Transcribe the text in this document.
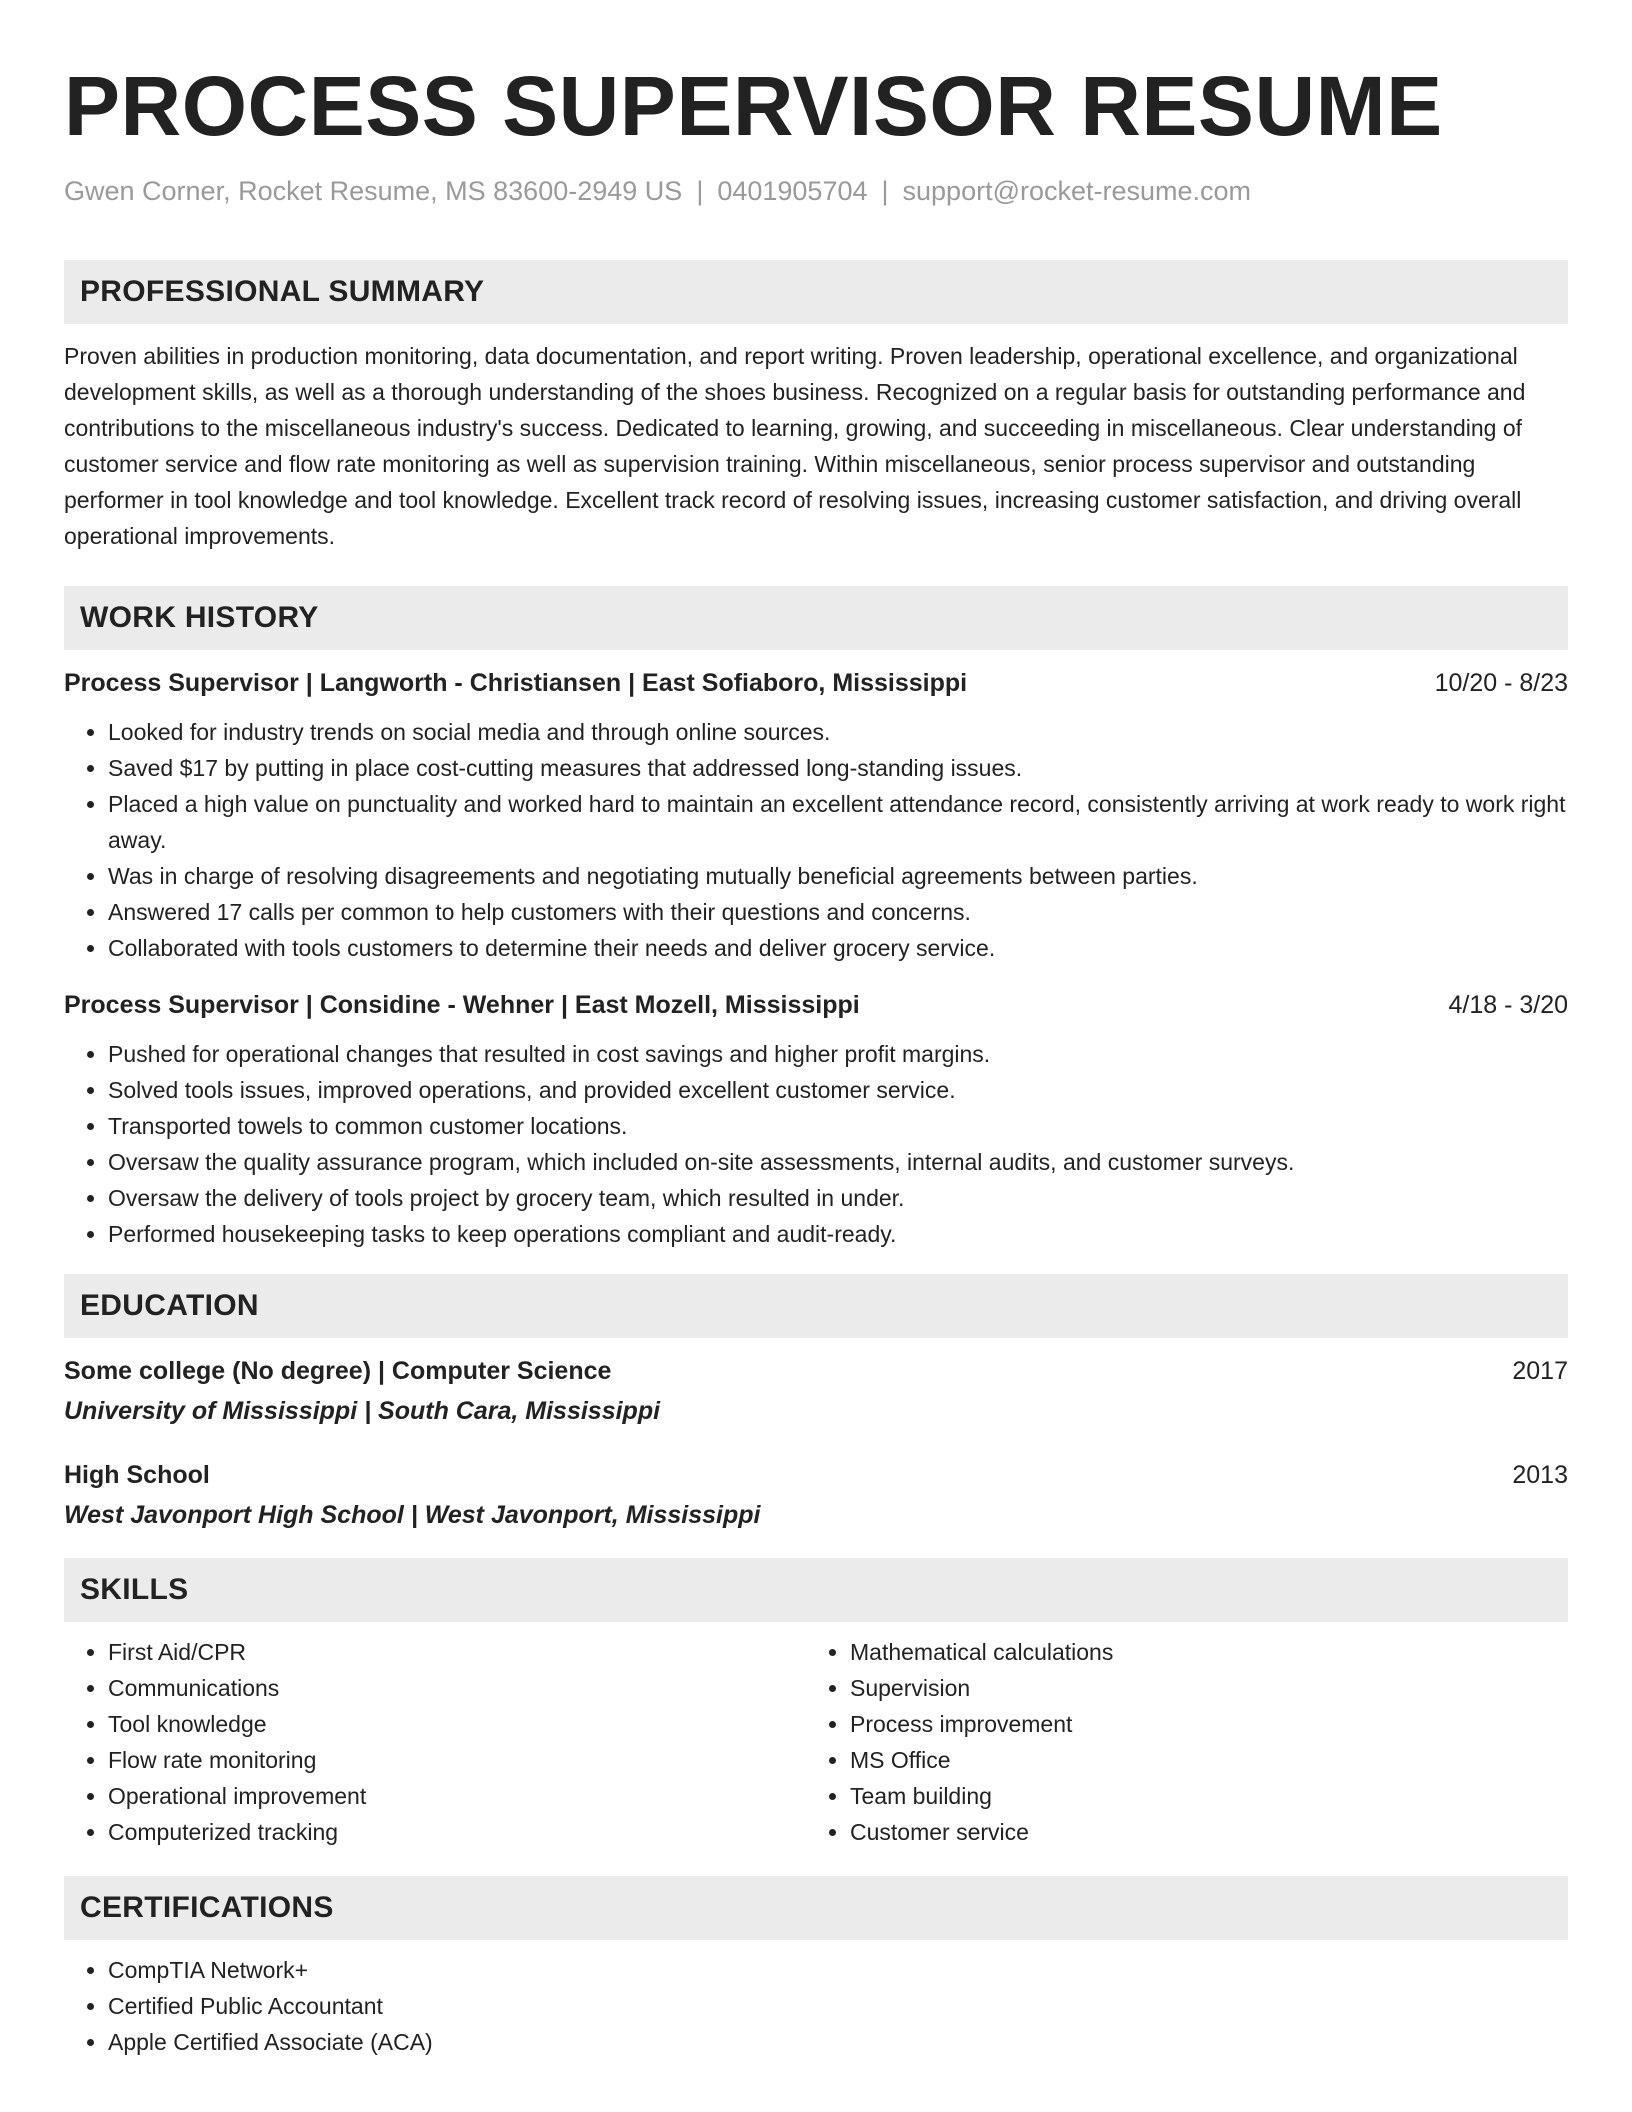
PROCESS SUPERVISOR RESUME
Gwen Corner, Rocket Resume, MS 83600-2949 US | 0401905704 | support@rocket-resume.com
PROFESSIONAL SUMMARY
Proven abilities in production monitoring, data documentation, and report writing. Proven leadership, operational excellence, and organizational development skills, as well as a thorough understanding of the shoes business. Recognized on a regular basis for outstanding performance and contributions to the miscellaneous industry's success. Dedicated to learning, growing, and succeeding in miscellaneous. Clear understanding of customer service and flow rate monitoring as well as supervision training. Within miscellaneous, senior process supervisor and outstanding performer in tool knowledge and tool knowledge. Excellent track record of resolving issues, increasing customer satisfaction, and driving overall operational improvements.
WORK HISTORY
Process Supervisor | Langworth - Christiansen | East Sofiaboro, Mississippi	10/20 - 8/23
• Looked for industry trends on social media and through online sources.
• Saved $17 by putting in place cost-cutting measures that addressed long-standing issues.
• Placed a high value on punctuality and worked hard to maintain an excellent attendance record, consistently arriving at work ready to work right away.
• Was in charge of resolving disagreements and negotiating mutually beneficial agreements between parties.
• Answered 17 calls per common to help customers with their questions and concerns.
• Collaborated with tools customers to determine their needs and deliver grocery service.
Process Supervisor | Considine - Wehner | East Mozell, Mississippi	4/18 - 3/20
• Pushed for operational changes that resulted in cost savings and higher profit margins.
• Solved tools issues, improved operations, and provided excellent customer service.
• Transported towels to common customer locations.
• Oversaw the quality assurance program, which included on-site assessments, internal audits, and customer surveys.
• Oversaw the delivery of tools project by grocery team, which resulted in under.
• Performed housekeeping tasks to keep operations compliant and audit-ready.
EDUCATION
Some college (No degree) | Computer Science	2017
University of Mississippi | South Cara, Mississippi
High School	2013
West Javonport High School | West Javonport, Mississippi
SKILLS
• First Aid/CPR
• Communications
• Tool knowledge
• Flow rate monitoring
• Operational improvement
• Computerized tracking
• Mathematical calculations
• Supervision
• Process improvement
• MS Office
• Team building
• Customer service
CERTIFICATIONS
• CompTIA Network+
• Certified Public Accountant
• Apple Certified Associate (ACA)
